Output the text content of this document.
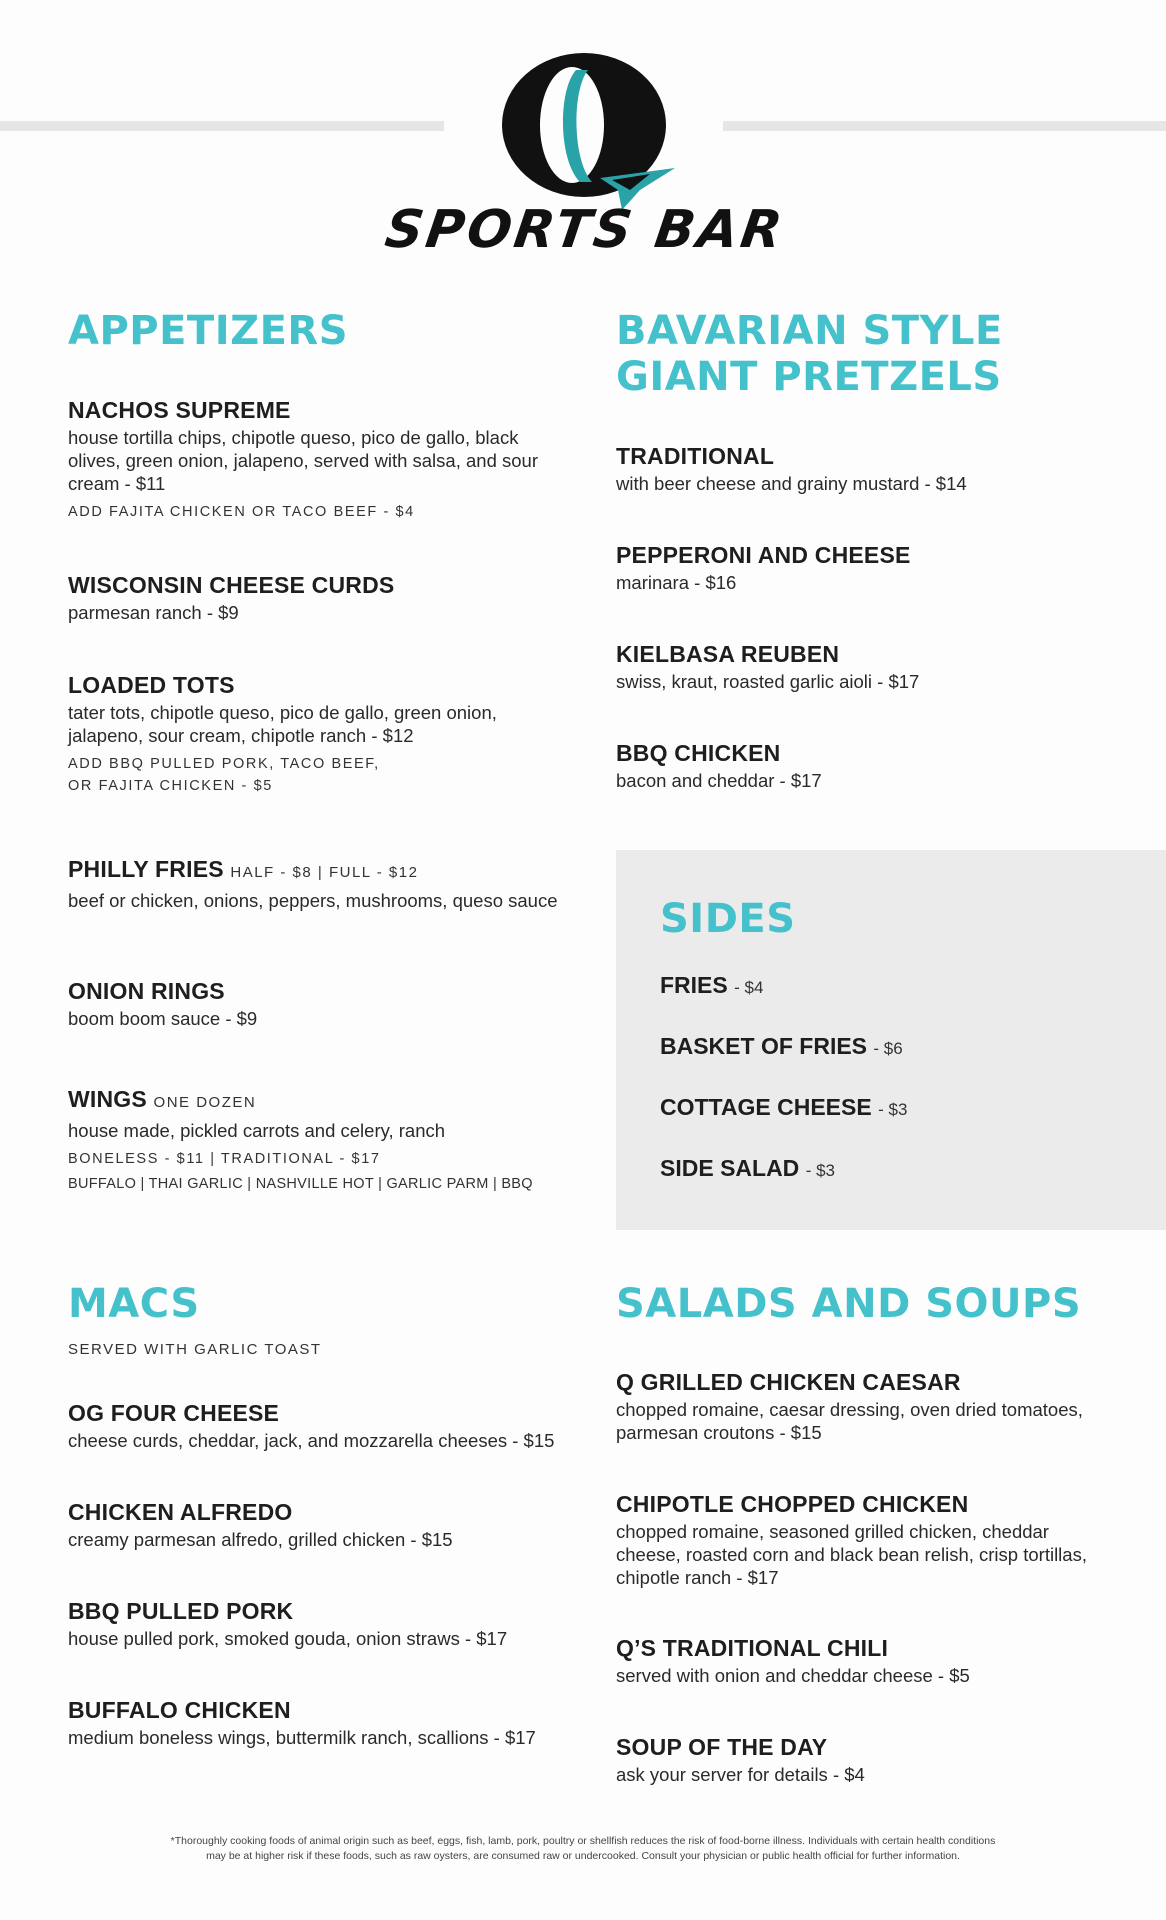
SPORTS BAR
APPETIZERS
NACHOS SUPREME
house tortilla chips, chipotle queso, pico de gallo, black olives, green onion, jalapeno, served with salsa, and sour cream - $11
ADD FAJITA CHICKEN OR TACO BEEF - $4
WISCONSIN CHEESE CURDS
parmesan ranch - $9
LOADED TOTS
tater tots, chipotle queso, pico de gallo, green onion, jalapeno, sour cream, chipotle ranch - $12
ADD BBQ PULLED PORK, TACO BEEF,
OR FAJITA CHICKEN - $5
PHILLY FRIES HALF - $8 | FULL - $12
beef or chicken, onions, peppers, mushrooms, queso sauce
ONION RINGS
boom boom sauce - $9
WINGS ONE DOZEN
house made, pickled carrots and celery, ranch
BONELESS - $11 | TRADITIONAL - $17
BUFFALO | THAI GARLIC | NASHVILLE HOT | GARLIC PARM | BBQ
BAVARIAN STYLE
GIANT PRETZELS
TRADITIONAL
with beer cheese and grainy mustard - $14
PEPPERONI AND CHEESE
marinara - $16
KIELBASA REUBEN
swiss, kraut, roasted garlic aioli - $17
BBQ CHICKEN
bacon and cheddar - $17
SIDES
FRIES - $4
BASKET OF FRIES - $6
COTTAGE CHEESE - $3
SIDE SALAD - $3
MACS
SERVED WITH GARLIC TOAST
OG FOUR CHEESE
cheese curds, cheddar, jack, and mozzarella cheeses - $15
CHICKEN ALFREDO
creamy parmesan alfredo, grilled chicken - $15
BBQ PULLED PORK
house pulled pork, smoked gouda, onion straws - $17
BUFFALO CHICKEN
medium boneless wings, buttermilk ranch, scallions - $17
SALADS AND SOUPS
Q GRILLED CHICKEN CAESAR
chopped romaine, caesar dressing, oven dried tomatoes, parmesan croutons - $15
CHIPOTLE CHOPPED CHICKEN
chopped romaine, seasoned grilled chicken, cheddar cheese, roasted corn and black bean relish, crisp tortillas, chipotle ranch - $17
Q’S TRADITIONAL CHILI
served with onion and cheddar cheese - $5
SOUP OF THE DAY
ask your server for details - $4
*Thoroughly cooking foods of animal origin such as beef, eggs, fish, lamb, pork, poultry or shellfish reduces the risk of food-borne illness. Individuals with certain health conditions
may be at higher risk if these foods, such as raw oysters, are consumed raw or undercooked. Consult your physician or public health official for further information.
